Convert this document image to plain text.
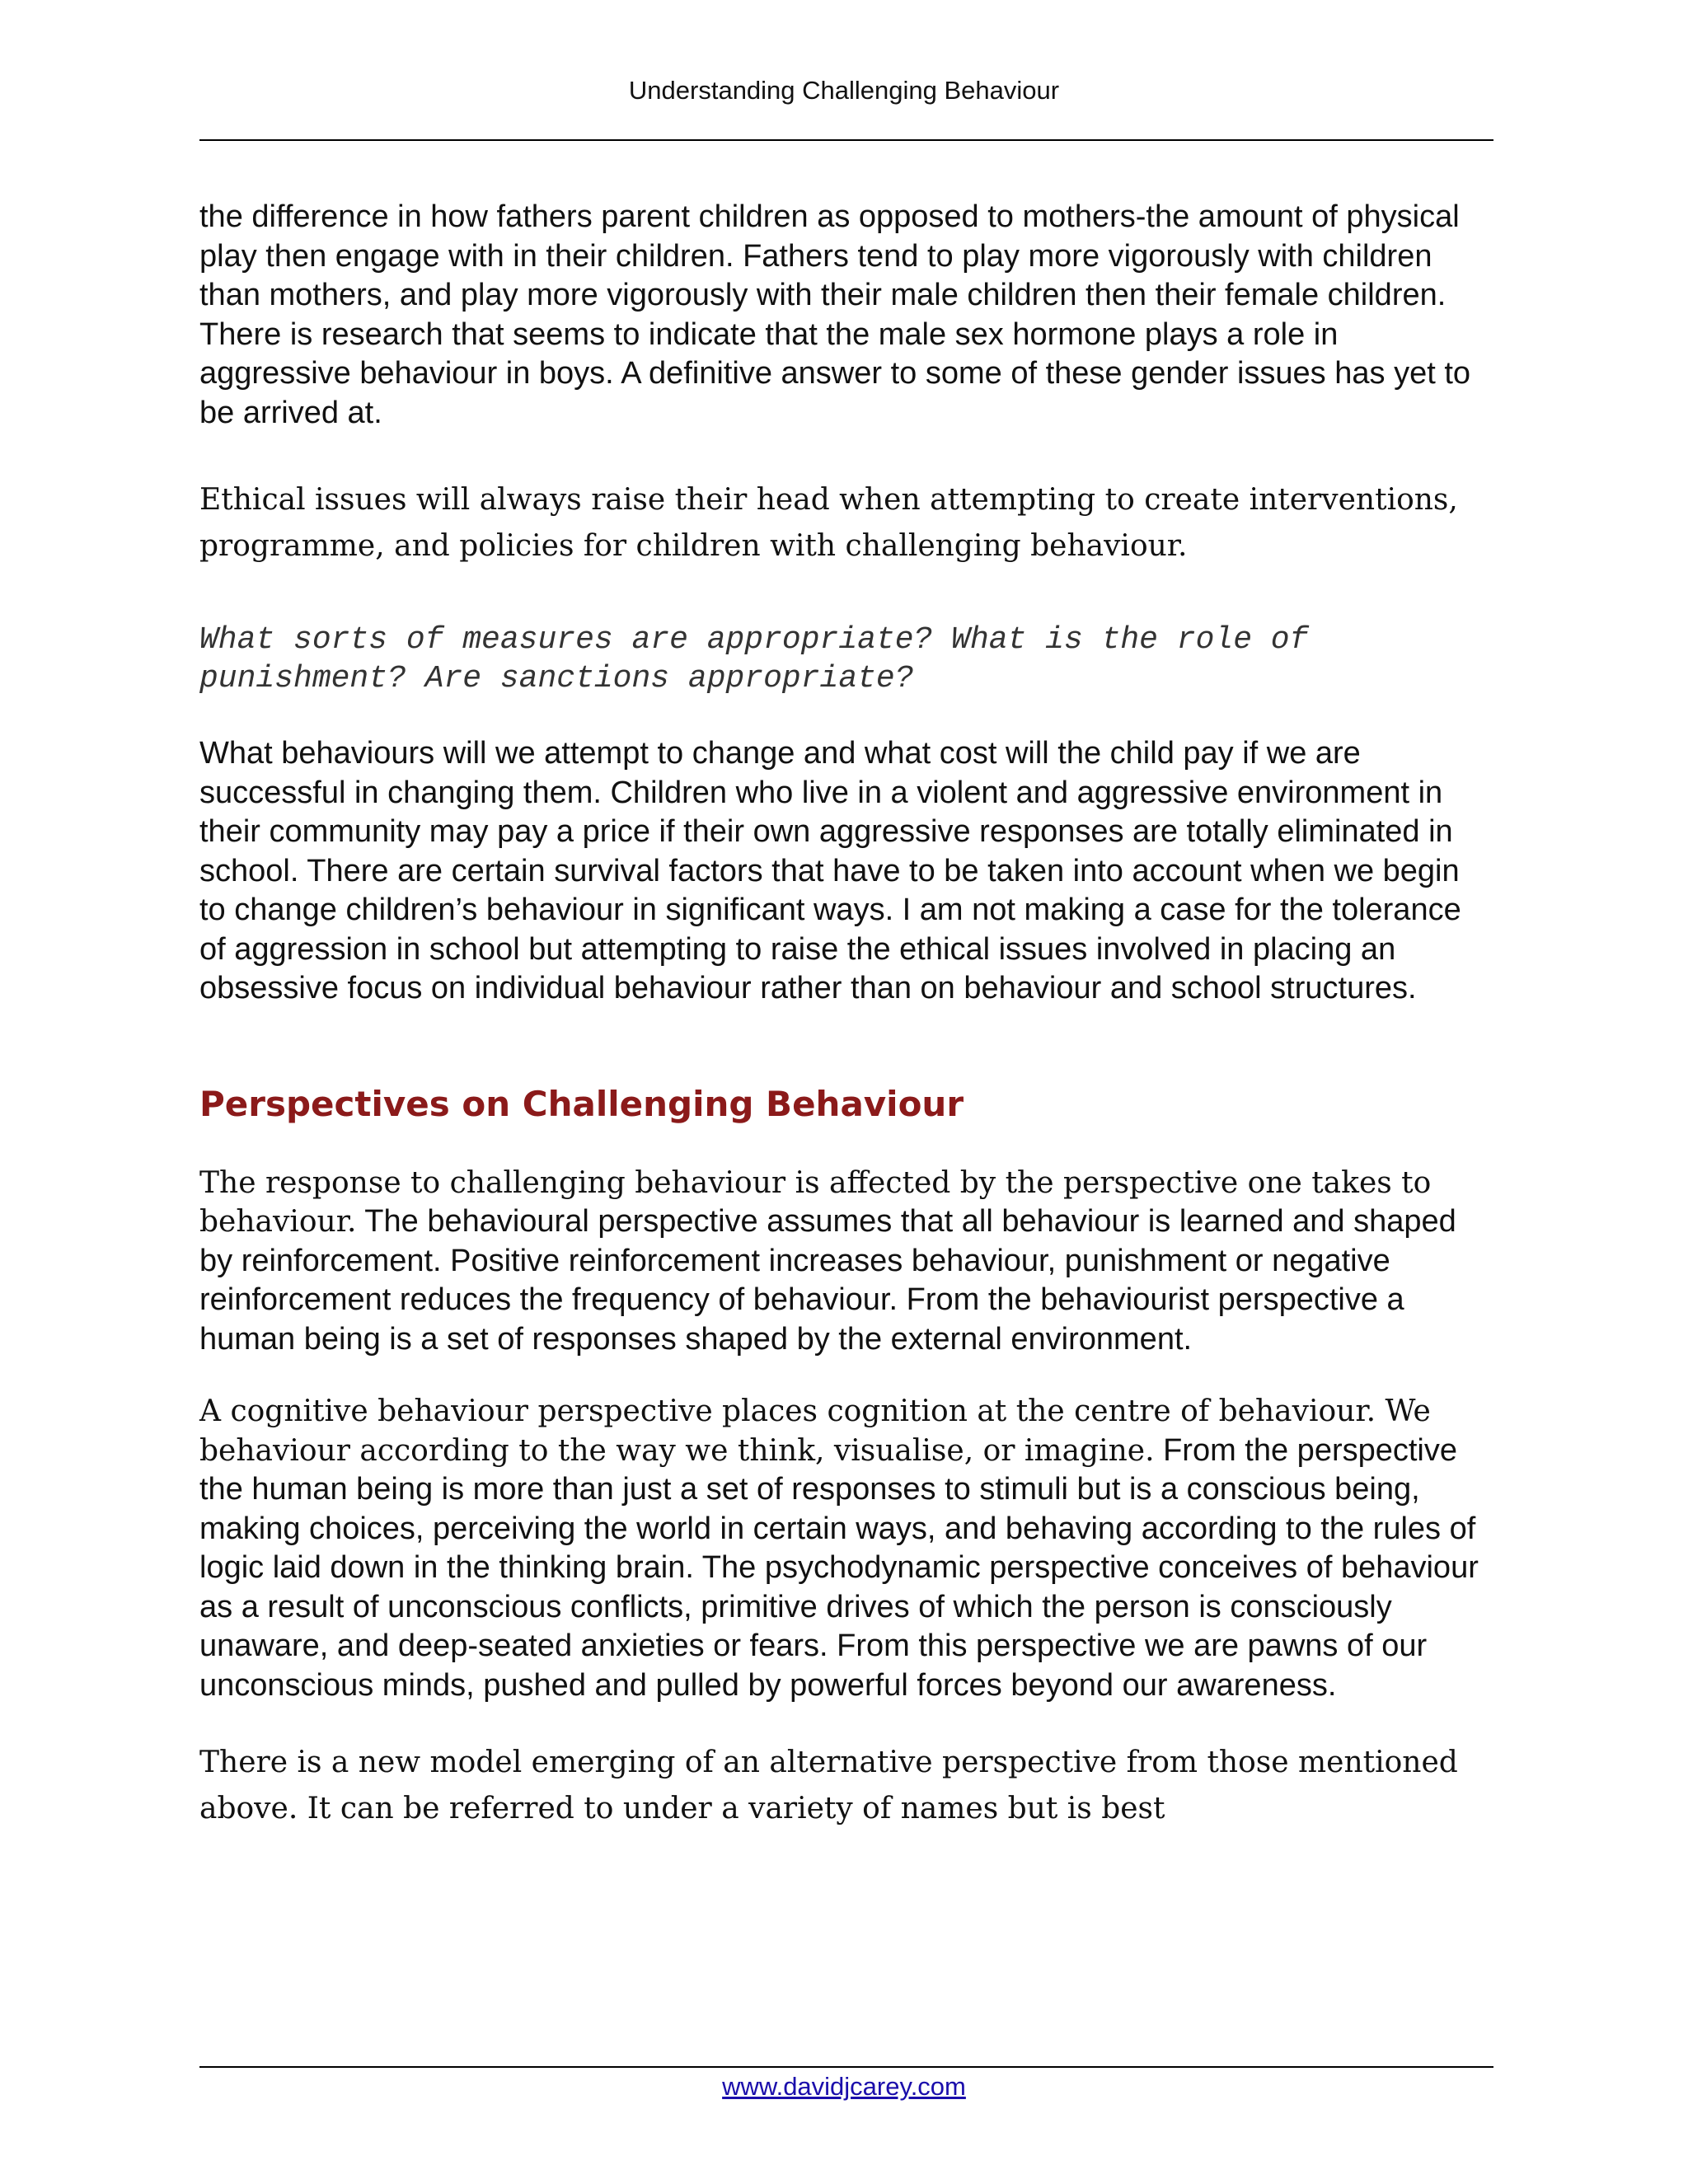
Understanding Challenging Behaviour

the difference in how fathers parent children as opposed to mothers-the amount of physical play then engage with in their children. Fathers tend to play more vigorously with children than mothers, and play more vigorously with their male children then their female children. There is research that seems to indicate that the male sex hormone plays a role in aggressive behaviour in boys. A definitive answer to some of these gender issues has yet to be arrived at.

Ethical issues will always raise their head when attempting to create interventions, programme, and policies for children with challenging behaviour.

What sorts of measures are appropriate? What is the role of punishment? Are sanctions appropriate?

What behaviours will we attempt to change and what cost will the child pay if we are successful in changing them. Children who live in a violent and aggressive environment in their community may pay a price if their own aggressive responses are totally eliminated in school. There are certain survival factors that have to be taken into account when we begin to change children’s behaviour in significant ways. I am not making a case for the tolerance of aggression in school but attempting to raise the ethical issues involved in placing an obsessive focus on individual behaviour rather than on behaviour and school structures.

Perspectives on Challenging Behaviour

The response to challenging behaviour is affected by the perspective one takes to behaviour. The behavioural perspective assumes that all behaviour is learned and shaped by reinforcement. Positive reinforcement increases behaviour, punishment or negative reinforcement reduces the frequency of behaviour. From the behaviourist perspective a human being is a set of responses shaped by the external environment.

A cognitive behaviour perspective places cognition at the centre of behaviour. We behaviour according to the way we think, visualise, or imagine. From the perspective the human being is more than just a set of responses to stimuli but is a conscious being, making choices, perceiving the world in certain ways, and behaving according to the rules of logic laid down in the thinking brain. The psychodynamic perspective conceives of behaviour as a result of unconscious conflicts, primitive drives of which the person is consciously unaware, and deep-seated anxieties or fears. From this perspective we are pawns of our unconscious minds, pushed and pulled by powerful forces beyond our awareness.

There is a new model emerging of an alternative perspective from those mentioned above. It can be referred to under a variety of names but is best

www.davidjcarey.com
